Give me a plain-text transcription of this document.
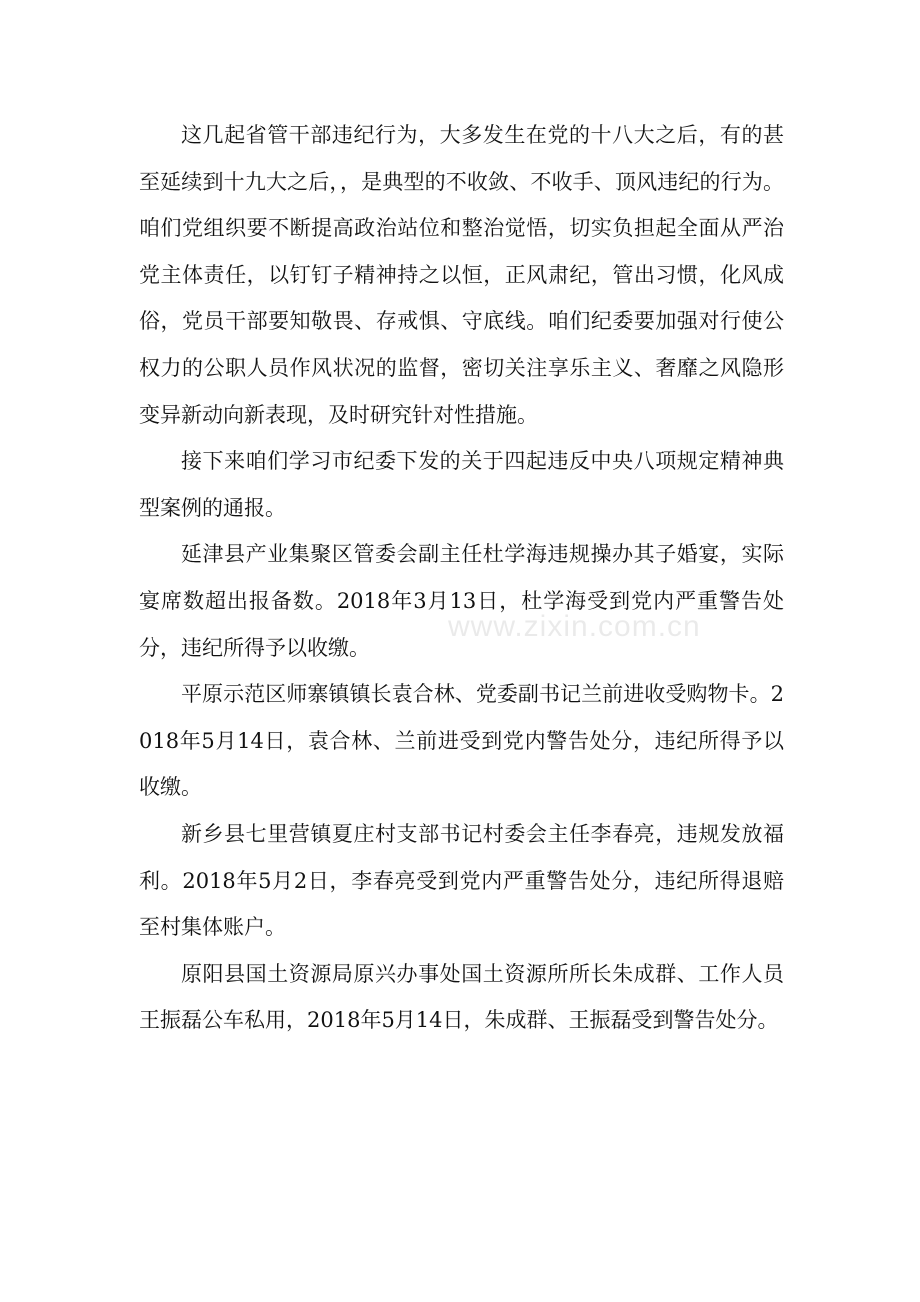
这几起省管干部违纪行为，大多发生在党的十八大之后，有的甚至延续到十九大之后，，是典型的不收敛、不收手、顶风违纪的行为。咱们党组织要不断提高政治站位和整治觉悟，切实负担起全面从严治党主体责任，以钉钉子精神持之以恒，正风肃纪，管出习惯，化风成俗，党员干部要知敬畏、存戒惧、守底线。咱们纪委要加强对行使公权力的公职人员作风状况的监督，密切关注享乐主义、奢靡之风隐形变异新动向新表现，及时研究针对性措施。

接下来咱们学习市纪委下发的关于四起违反中央八项规定精神典型案例的通报。

延津县产业集聚区管委会副主任杜学海违规操办其子婚宴，实际宴席数超出报备数。2018年3月13日，杜学海受到党内严重警告处分，违纪所得予以收缴。

平原示范区师寨镇镇长袁合林、党委副书记兰前进收受购物卡。2018年5月14日，袁合林、兰前进受到党内警告处分，违纪所得予以收缴。

新乡县七里营镇夏庄村支部书记村委会主任李春亮，违规发放福利。2018年5月2日，李春亮受到党内严重警告处分，违纪所得退赔至村集体账户。

原阳县国土资源局原兴办事处国土资源所所长朱成群、工作人员王振磊公车私用，2018年5月14日，朱成群、王振磊受到警告处分。

www.zixin.com.cn
